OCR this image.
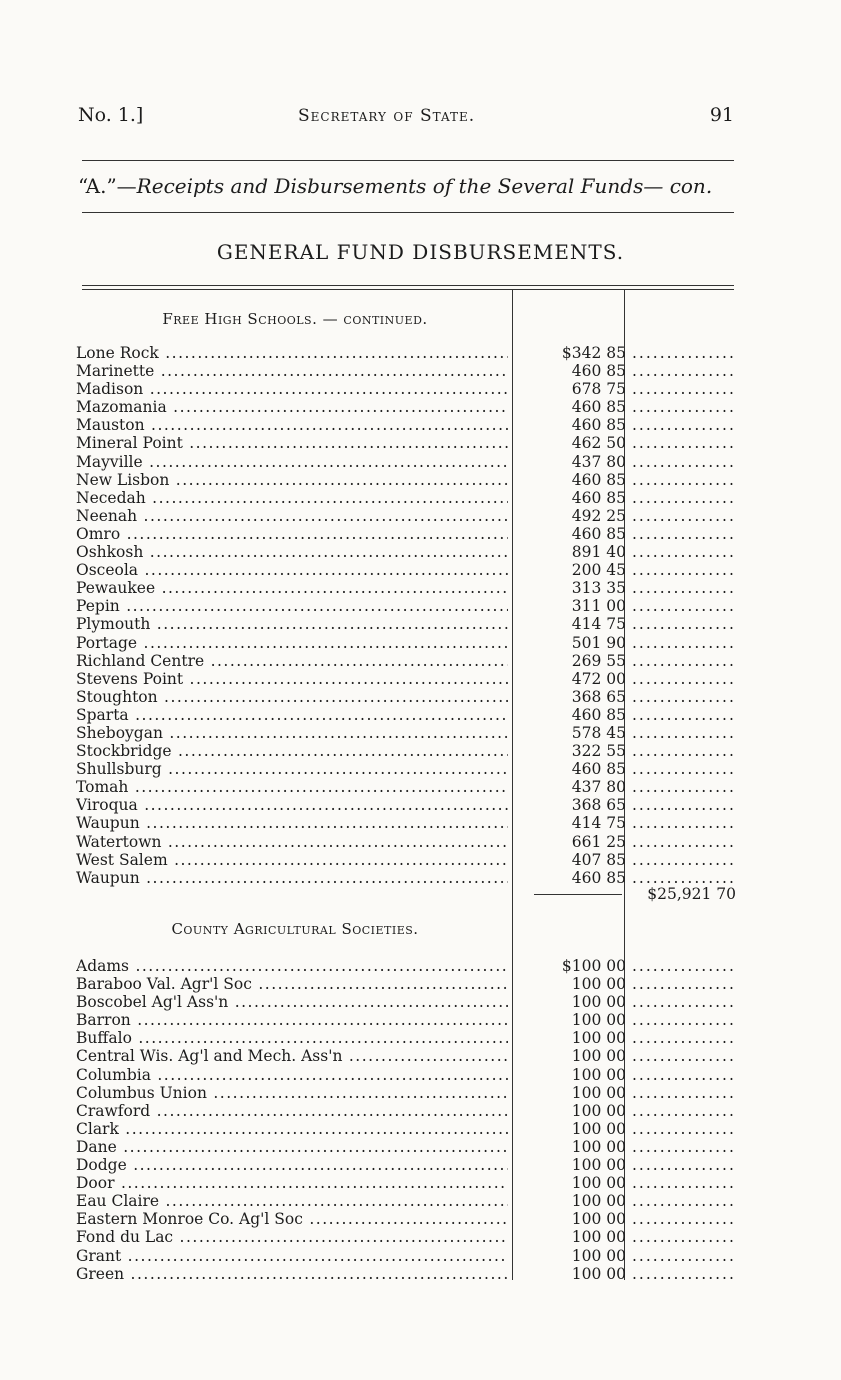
No. 1.]	Secretary of State.	91
“A.”—Receipts and Disbursements of the Several Funds— con.
GENERAL FUND DISBURSEMENTS.
Free High Schools. — continued.
Lone Rock .....	$342 85
.....
Marinette .....	460 85
.....
Madison .....	678 75
.....
Mazomania .....	460 85
.....
Mauston .....	460 85
.....
Mineral Point .....	462 50
.....
Mayville .....	437 80
.....
New Lisbon .....	460 85
.....
Necedah .....	460 85
.....
Neenah .....	492 25
.....
Omro .....	460 85
.....
Oshkosh .....	891 40
.....
Osceola .....	200 45
.....
Pewaukee .....	313 35
.....
Pepin .....	311 00
.....
Plymouth .....	414 75
.....
Portage .....	501 90
.....
Richland Centre .....	269 55
.....
Stevens Point .....	472 00
.....
Stoughton .....	368 65
.....
Sparta .....	460 85
.....
Sheboygan .....	578 45
.....
Stockbridge .....	322 55
.....
Shullsburg .....	460 85
.....
Tomah .....	437 80
.....
Viroqua .....	368 65
.....
Waupun .....	414 75
.....
Watertown .....	661 25
.....
West Salem .....	407 85
.....
Waupun .....	460 85
.....
$25,921 70
County Agricultural Societies.
Adams .....	$100 00
.....
Baraboo Val. Agr'l Soc .....	100 00
.....
Boscobel Ag'l Ass'n .....	100 00
.....
Barron .....	100 00
.....
Buffalo .....	100 00
.....
Central Wis. Ag'l and Mech. Ass'n .....	100 00
.....
Columbia .....	100 00
.....
Columbus Union .....	100 00
.....
Crawford .....	100 00
.....
Clark .....	100 00
.....
Dane .....	100 00
.....
Dodge .....	100 00
.....
Door .....	100 00
.....
Eau Claire .....	100 00
.....
Eastern Monroe Co. Ag'l Soc .....	100 00
.....
Fond du Lac .....	100 00
.....
Grant .....	100 00
.....
Green .....	100 00
.....
